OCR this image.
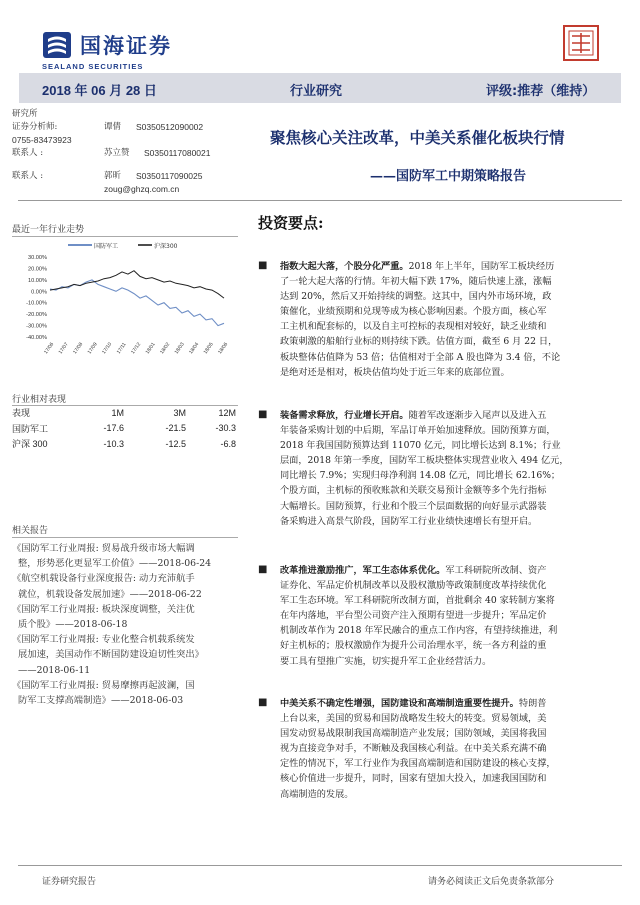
国海证券
SEALAND SECURITIES
2018 年 06 月 28 日	行业研究	评级:推荐（维持）
研究所
证券分析师:	谭倩 S0350512090002
0755-83473923
联系人 :	苏立赞 S0350117080021
联系人 :	郭昕 S0350117090025
zoug@ghzq.com.cn
聚焦核心关注改革，中美关系催化板块行情
——国防军工中期策略报告
最近一年行业走势
国防军工	沪深300
30.00%
20.00%
10.00%
0.00%
-10.00%
-20.00%
-30.00%
-40.00%
17/06 17/07 17/08 17/09 17/10 17/11 17/12 18/01 18/02 18/03 18/04 18/05 18/06
行业相对表现
表现	1M	3M	12M
国防军工	-17.6	-21.5	-30.3
沪深 300	-10.3	-12.5	-6.8
相关报告
《国防军工行业周报: 贸易战升级市场大幅调
整，形势恶化更显军工价值》——2018-06-24
《航空机载设备行业深度报告: 动力充沛航手
就位，机载设备发展加速》——2018-06-22
《国防军工行业周报: 板块深度调整，关注优
质个股》——2018-06-18
《国防军工行业周报: 专业化整合机载系统发
展加速，美国动作不断国防建设迫切性突出》
——2018-06-11
《国防军工行业周报: 贸易摩擦再起波澜，国
防军工支撑高端制造》——2018-06-03
投资要点:
■ 指数大起大落，个股分化严重。2018 年上半年，国防军工板块经历
了一轮大起大落的行情。年初大幅下跌 17%，随后快速上涨，涨幅
达到 20%，然后又开始持续的调整。这其中，国内外市场环境，政
策催化，业绩预期和兑现等成为核心影响因素。个股方面，核心军
工主机和配套标的，以及自主可控标的表现相对较好，缺乏业绩和
政策刺激的船舶行业标的则持续下跌。估值方面，截至 6 月 22 日，
板块整体估值降为 53 倍；估值相对于全部 A 股也降为 3.4 倍，不论
是绝对还是相对，板块估值均处于近三年来的底部位置。
■ 装备需求释放，行业增长开启。随着军改逐渐步入尾声以及进入五
年装备采购计划的中后期，军品订单开始加速释放。国防预算方面，
2018 年我国国防预算达到 11070 亿元，同比增长达到 8.1%；行业
层面，2018 年第一季度，国防军工板块整体实现营业收入 494 亿元，
同比增长 7.9%；实现归母净利润 14.08 亿元，同比增长 62.16%；
个股方面，主机标的预收账款和关联交易预计金额等多个先行指标
大幅增长。国防预算，行业和个股三个层面数据的向好显示武器装
备采购进入高景气阶段，国防军工行业业绩快速增长有望开启。
■ 改革推进激励推广，军工生态体系优化。军工科研院所改制、资产
证券化、军品定价机制改革以及股权激励等政策制度改革持续优化
军工生态环境。军工科研院所改制方面，首批剩余 40 家转制方案将
在年内落地，平台型公司资产注入预期有望进一步提升；军品定价
机制改革作为 2018 年军民融合的重点工作内容，有望持续推进，利
好主机标的；股权激励作为提升公司治理水平，统一各方利益的重
要工具有望推广实施，切实提升军工企业经营活力。
■ 中美关系不确定性增强，国防建设和高端制造重要性提升。特朗普
上台以来，美国的贸易和国防战略发生较大的转变。贸易领域，美
国发动贸易战限制我国高端制造产业发展；国防领域，美国将我国
视为直接竞争对手，不断触及我国核心利益。在中美关系充满不确
定性的情况下，军工行业作为我国高端制造和国防建设的核心支撑，
核心价值进一步提升，同时，国家有望加大投入，加速我国国防和
高端制造的发展。
证券研究报告	请务必阅读正文后免责条款部分
